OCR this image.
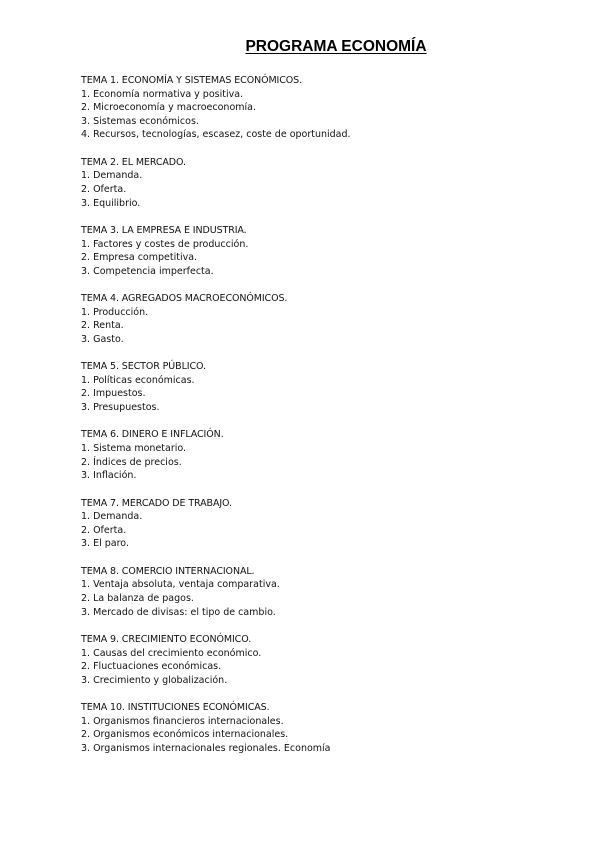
PROGRAMA ECONOMÍA
TEMA 1. ECONOMÍA Y SISTEMAS ECONÓMICOS.
1. Economía normativa y positiva.
2. Microeconomía y macroeconomía.
3. Sistemas económicos.
4. Recursos, tecnologías, escasez, coste de oportunidad.
TEMA 2. EL MERCADO.
1. Demanda.
2. Oferta.
3. Equilibrio.
TEMA 3. LA EMPRESA E INDUSTRIA.
1. Factores y costes de producción.
2. Empresa competitiva.
3. Competencia imperfecta.
TEMA 4. AGREGADOS MACROECONÓMICOS.
1. Producción.
2. Renta.
3. Gasto.
TEMA 5. SECTOR PÚBLICO.
1. Políticas económicas.
2. Impuestos.
3. Presupuestos.
TEMA 6. DINERO E INFLACIÓN.
1. Sistema monetario.
2. Índices de precios.
3. Inflación.
TEMA 7. MERCADO DE TRABAJO.
1. Demanda.
2. Oferta.
3. El paro.
TEMA 8. COMERCIO INTERNACIONAL.
1. Ventaja absoluta, ventaja comparativa.
2. La balanza de pagos.
3. Mercado de divisas: el tipo de cambio.
TEMA 9. CRECIMIENTO ECONÓMICO.
1. Causas del crecimiento económico.
2. Fluctuaciones económicas.
3. Crecimiento y globalización.
TEMA 10. INSTITUCIONES ECONÓMICAS.
1. Organismos financieros internacionales.
2. Organismos económicos internacionales.
3. Organismos internacionales regionales. Economía
